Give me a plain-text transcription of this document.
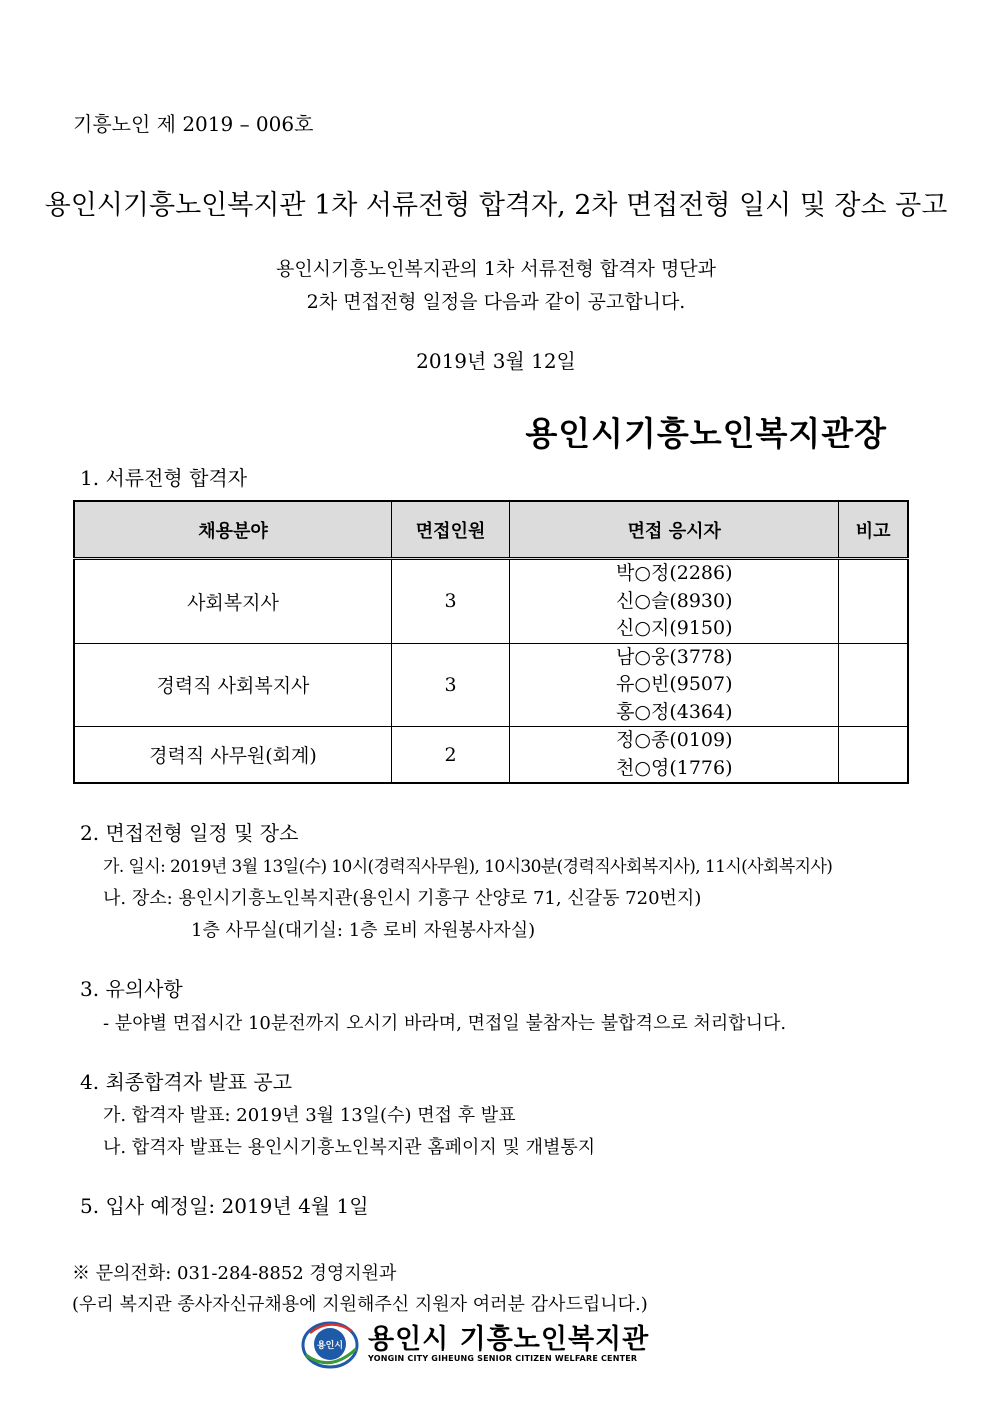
기흥노인 제 2019 – 006호
용인시기흥노인복지관 1차 서류전형 합격자, 2차 면접전형 일시 및 장소 공고
용인시기흥노인복지관의 1차 서류전형 합격자 명단과
2차 면접전형 일정을 다음과 같이 공고합니다.
2019년 3월 12일
용인시기흥노인복지관장
1. 서류전형 합격자
채용분야	면접인원	면접 응시자	비고
사회복지사	3	박○정(2286)
신○슬(8930)
신○지(9150)	

경력직 사회복지사	3	남○웅(3778)
유○빈(9507)
홍○정(4364)	

경력직 사무원(회계)	2	정○종(0109)
천○영(1776)	

2. 면접전형 일정 및 장소
가. 일시: 2019년 3월 13일(수) 10시(경력직사무원), 10시30분(경력직사회복지사), 11시(사회복지사)
나. 장소: 용인시기흥노인복지관(용인시 기흥구 산양로 71, 신갈동 720번지)
1층 사무실(대기실: 1층 로비 자원봉사자실)
3. 유의사항
- 분야별 면접시간 10분전까지 오시기 바라며, 면접일 불참자는 불합격으로 처리합니다.
4. 최종합격자 발표 공고
가. 합격자 발표: 2019년 3월 13일(수) 면접 후 발표
나. 합격자 발표는 용인시기흥노인복지관 홈페이지 및 개별통지
5. 입사 예정일: 2019년 4월 1일
※ 문의전화: 031-284-8852 경영지원과
(우리 복지관 종사자신규채용에 지원해주신 지원자 여러분 감사드립니다.)
용인시 용인시 기흥노인복지관
YONGIN CITY GIHEUNG SENIOR CITIZEN WELFARE CENTER
